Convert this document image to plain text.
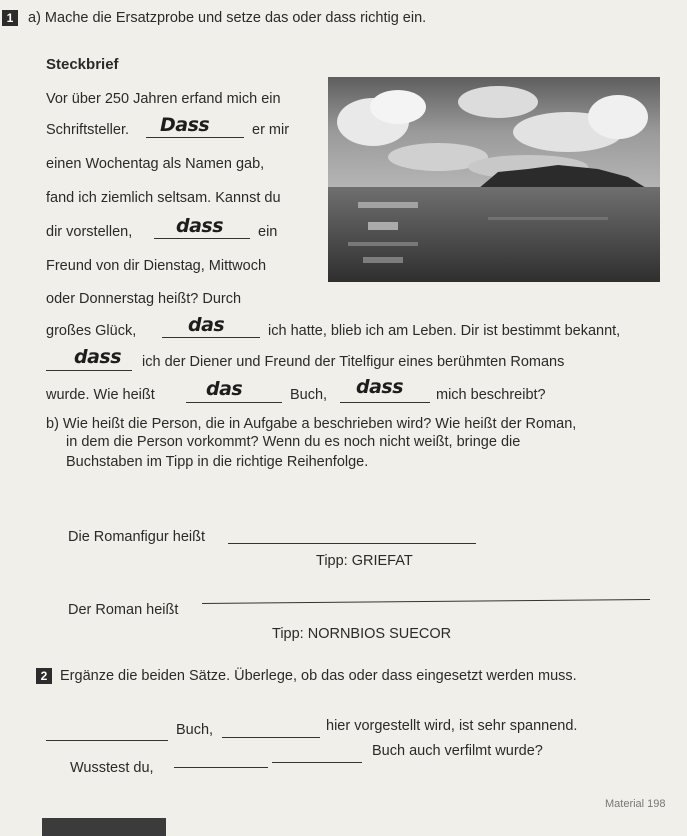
1	a) Mache die Ersatzprobe und setze das oder dass richtig ein.
Steckbrief
Vor über 250 Jahren erfand mich ein
Schriftsteller. Dass	er mir
einen Wochentag als Namen gab,
fand ich ziemlich seltsam. Kannst du
dir vorstellen, dass ein
Freund von dir Dienstag, Mittwoch
oder Donnerstag heißt? Durch
großes Glück,	das	ich hatte, blieb ich am Leben. Dir ist bestimmt bekannt,
dass ich der Diener und Freund der Titelfigur eines berühmten Romans
wurde. Wie heißt	das	Buch, dass mich beschreibt?
b) Wie heißt die Person, die in Aufgabe a beschrieben wird? Wie heißt der Roman,
in dem die Person vorkommt? Wenn du es noch nicht weißt, bringe die
Buchstaben im Tipp in die richtige Reihenfolge.
Die Romanfigur heißt
Tipp: GRIEFAT
Der Roman heißt
Tipp: NORNBIOS SUECOR
2 Ergänze die beiden Sätze. Überlege, ob das oder dass eingesetzt werden muss.
Buch,	hier vorgestellt wird, ist sehr spannend.
Wusstest du,
Buch auch verfilmt wurde?
Material 198
